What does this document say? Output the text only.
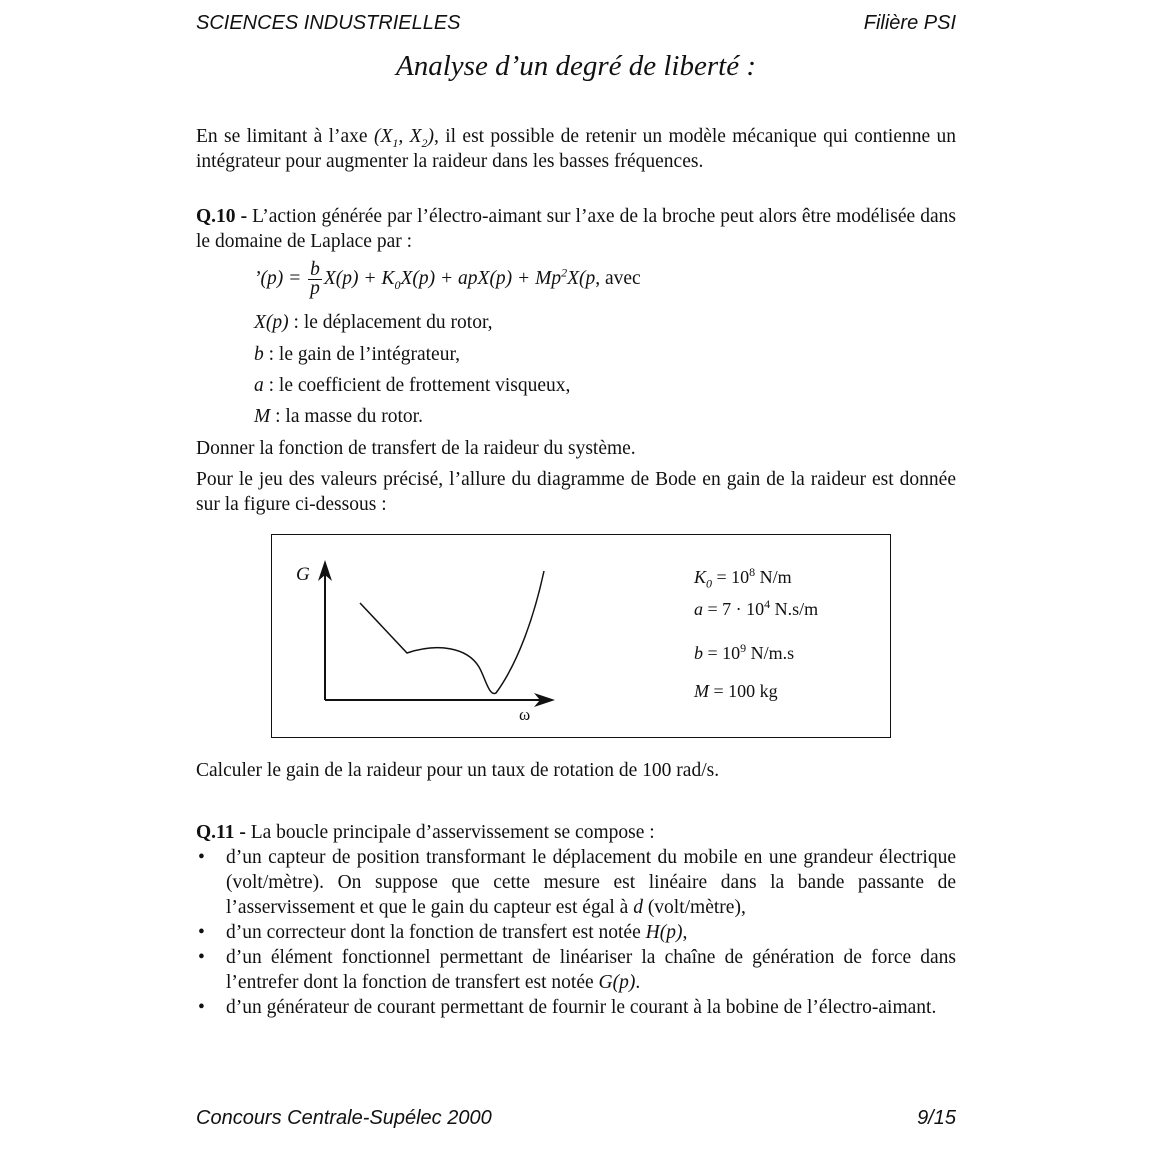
SCIENCES INDUSTRIELLES	Filière PSI
Analyse d’un degré de liberté :
En se limitant à l’axe ($X_1$, $X_2$), il est possible de retenir un modèle mécanique qui contienne un intégrateur pour augmenter la raideur dans les basses fréquences.
Q.10 - L’action générée par l’électro-aimant sur l’axe de la broche peut alors être modélisée dans le domaine de Laplace par :
’(p) = $\frac{b}{p} X(p) + K_0X(p) + apX(p) + Mp^2X(p$, avec
X(p) : le déplacement du rotor,
b : le gain de l’intégrateur,
a : le coefficient de frottement visqueux,
M : la masse du rotor.
Donner la fonction de transfert de la raideur du système.
Pour le jeu des valeurs précisé, l’allure du diagramme de Bode en gain de la raideur est donnée sur la figure ci-dessous :
G
ω
$K_0 = 10^8$ N/m
$a = 7 \cdot 10^4$ N.s/m
$b = 10^9$ N/m.s
M = 100 kg
Calculer le gain de la raideur pour un taux de rotation de 100 rad/s.
Q.11 - La boucle principale d’asservissement se compose :
• d’un capteur de position transformant le déplacement du mobile en une grandeur électrique (volt/mètre). On suppose que cette mesure est linéaire dans la bande passante de l’asservissement et que le gain du capteur est égal à d (volt/mètre),
• d’un correcteur dont la fonction de transfert est notée H(p),
• d’un élément fonctionnel permettant de linéariser la chaîne de génération de force dans l’entrefer dont la fonction de transfert est notée G(p).
• d’un générateur de courant permettant de fournir le courant à la bobine de l’électro-aimant.
Concours Centrale-Supélec 2000	9/15
